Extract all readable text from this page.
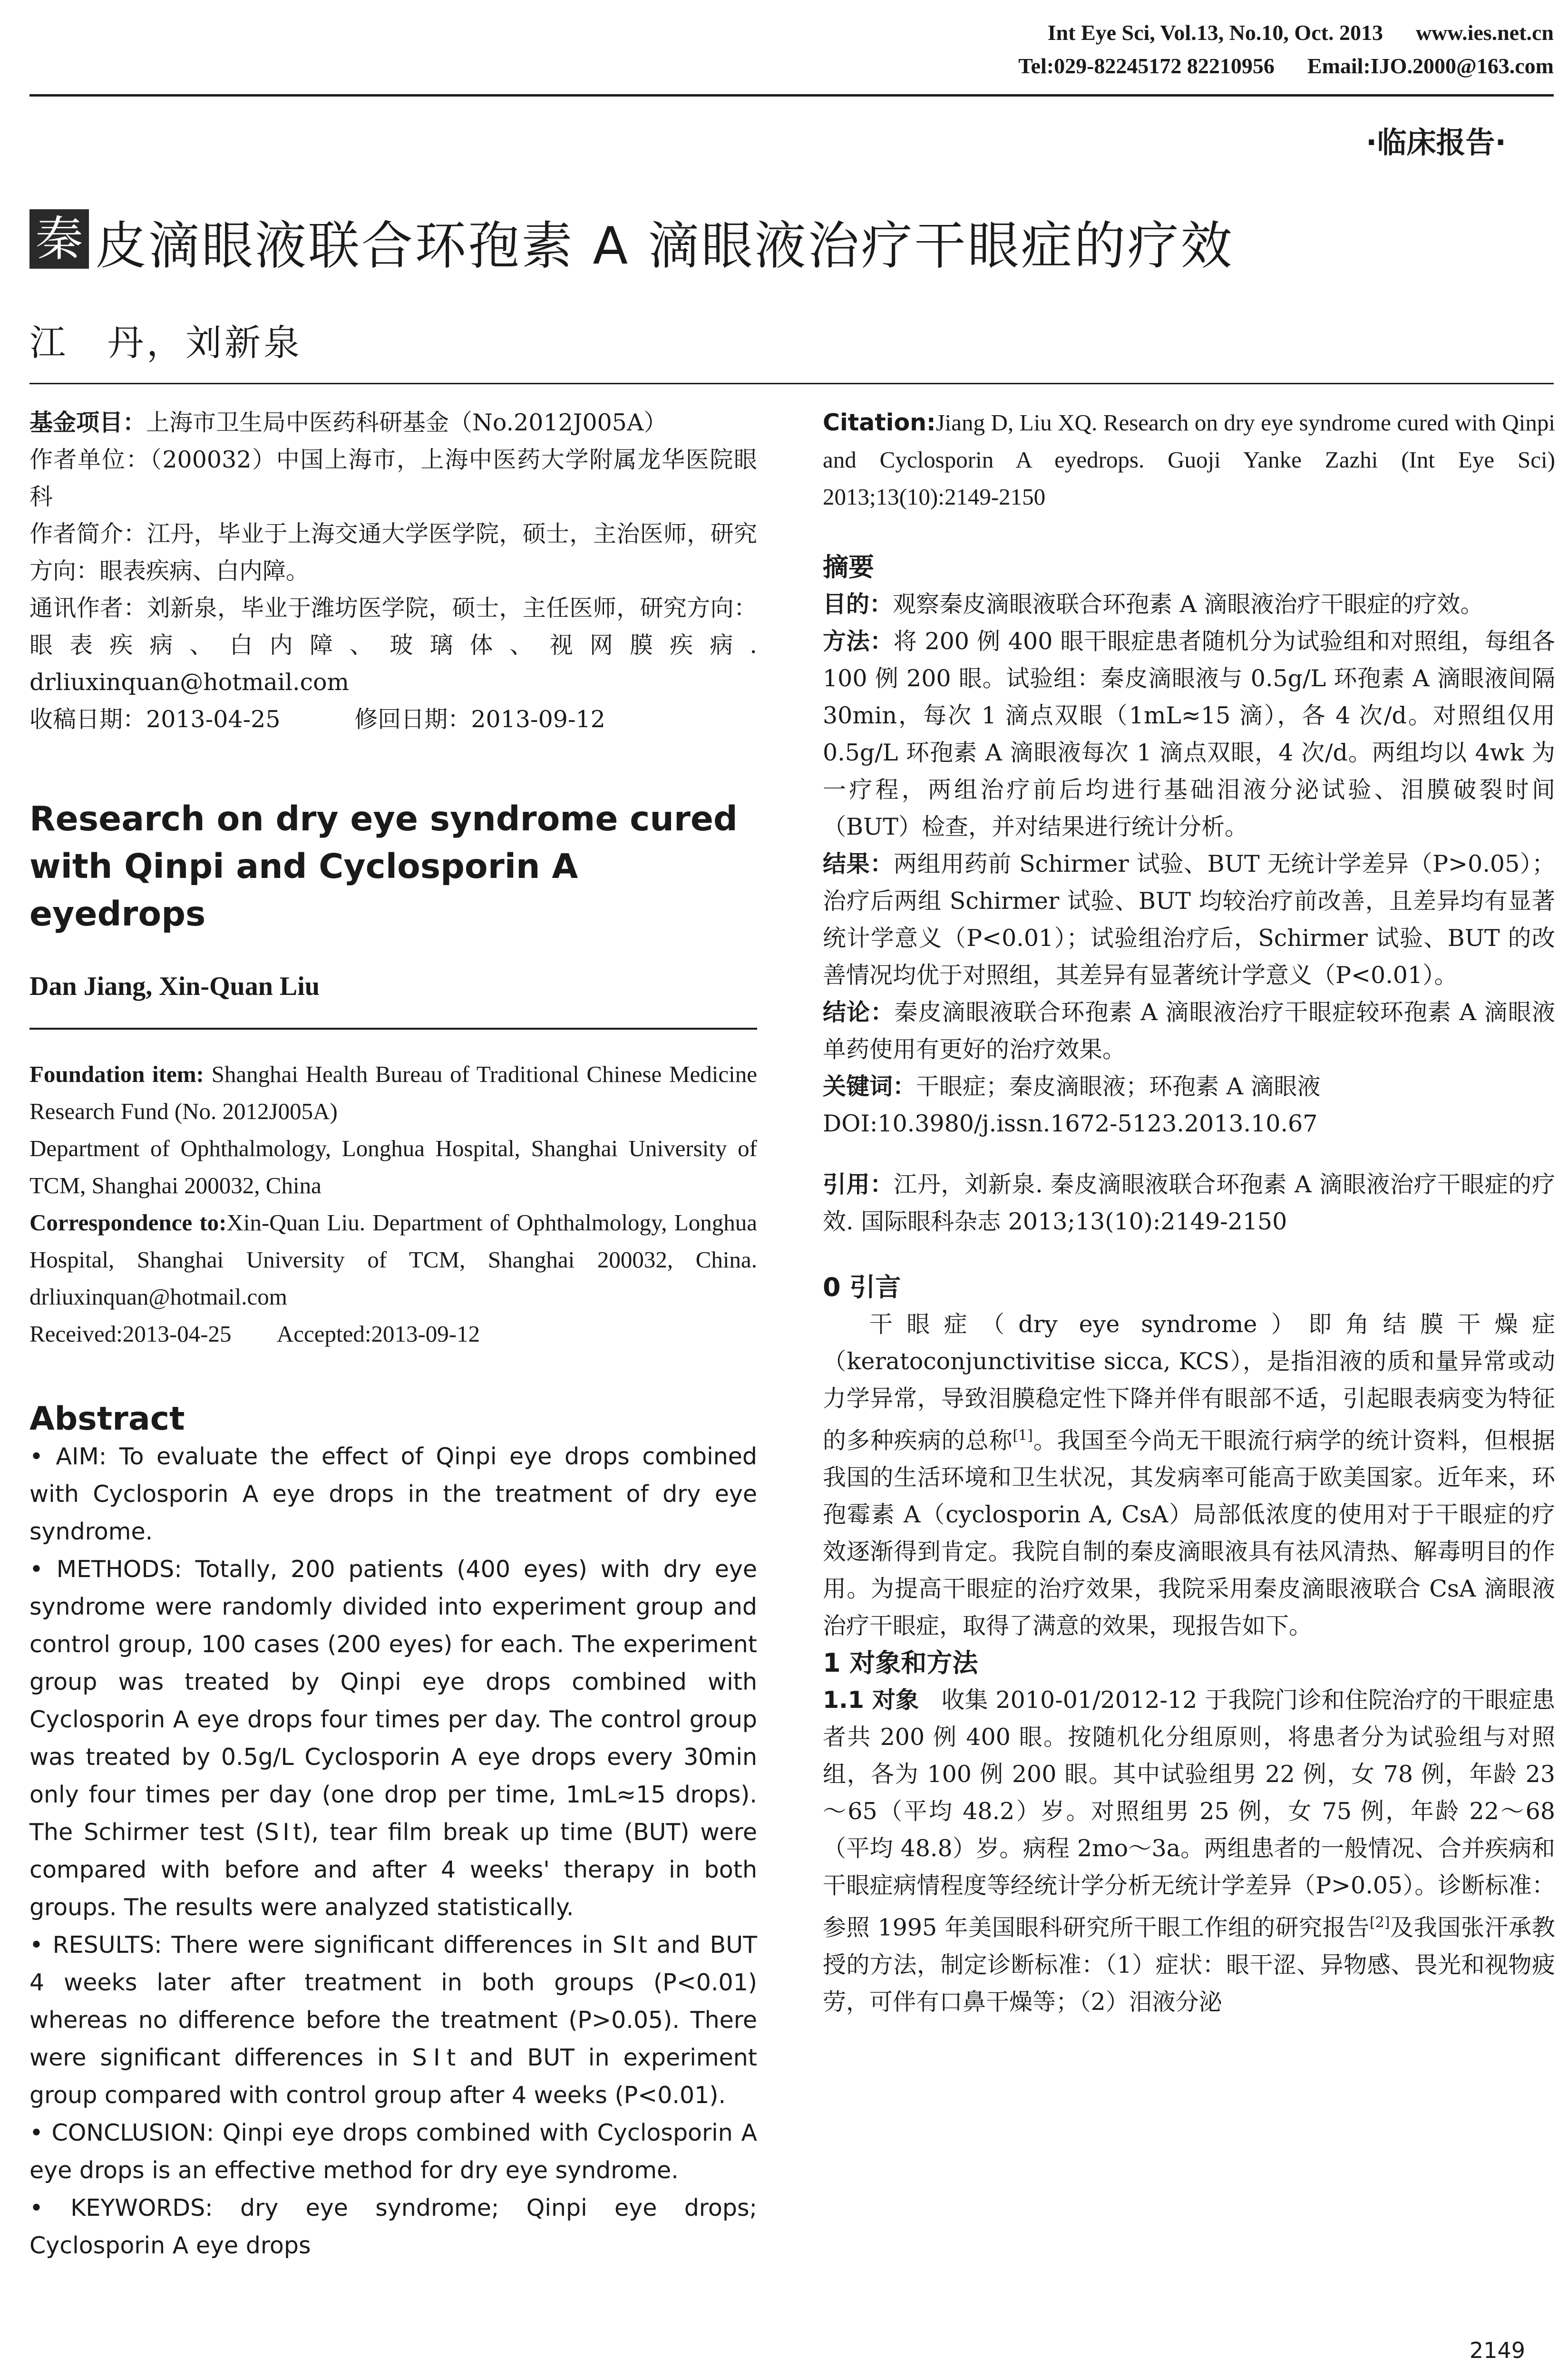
Int Eye Sci, Vol.13, No.10, Oct. 2013 www.ies.net.cn
Tel:029-82245172 82210956 Email:IJO.2000@163.com
·临床报告·
秦 皮滴眼液联合环孢素 A 滴眼液治疗干眼症的疗效
江　丹，刘新泉

基金项目：上海市卫生局中医药科研基金（No.2012J005A）

作者单位：（200032）中国上海市，上海中医药大学附属龙华医院眼科

作者简介：江丹，毕业于上海交通大学医学院，硕士，主治医师，研究方向：眼表疾病、白内障。

通讯作者：刘新泉，毕业于潍坊医学院，硕士，主任医师，研究方向：眼表疾病、白内障、玻璃体、视网膜疾病. drliuxinquan@hotmail.com

收稿日期：2013-04-25	修回日期：2013-09-12

Research on dry eye syndrome cured with Qinpi and Cyclosporin A eyedrops

Dan Jiang, Xin-Quan Liu

Foundation item: Shanghai Health Bureau of Traditional Chinese Medicine Research Fund (No. 2012J005A)

Department of Ophthalmology, Longhua Hospital, Shanghai University of TCM, Shanghai 200032, China

Correspondence to:Xin-Quan Liu. Department of Ophthalmology, Longhua Hospital, Shanghai University of TCM, Shanghai 200032, China. drliuxinquan@hotmail.com

Received:2013-04-25 Accepted:2013-09-12

Abstract

• AIM: To evaluate the effect of Qinpi eye drops combined with Cyclosporin A eye drops in the treatment of dry eye syndrome.

• METHODS: Totally, 200 patients (400 eyes) with dry eye syndrome were randomly divided into experiment group and control group, 100 cases (200 eyes) for each. The experiment group was treated by Qinpi eye drops combined with Cyclosporin A eye drops four times per day. The control group was treated by 0.5g/L Cyclosporin A eye drops every 30min only four times per day (one drop per time, 1mL≈15 drops). The Schirmer test (SⅠt), tear film break up time (BUT) were compared with before and after 4 weeks' therapy in both groups. The results were analyzed statistically.

• RESULTS: There were significant differences in SⅠt and BUT 4 weeks later after treatment in both groups (P<0.01) whereas no difference before the treatment (P>0.05). There were significant differences in SⅠt and BUT in experiment group compared with control group after 4 weeks (P<0.01).

• CONCLUSION: Qinpi eye drops combined with Cyclosporin A eye drops is an effective method for dry eye syndrome.

• KEYWORDS: dry eye syndrome; Qinpi eye drops; Cyclosporin A eye drops

Citation:Jiang D, Liu XQ. Research on dry eye syndrome cured with Qinpi and Cyclosporin A eyedrops. Guoji Yanke Zazhi (Int Eye Sci) 2013;13(10):2149-2150

摘要

目的：观察秦皮滴眼液联合环孢素 A 滴眼液治疗干眼症的疗效。

方法：将 200 例 400 眼干眼症患者随机分为试验组和对照组，每组各 100 例 200 眼。试验组：秦皮滴眼液与 0.5g/L 环孢素 A 滴眼液间隔 30min，每次 1 滴点双眼（1mL≈15 滴），各 4 次/d。对照组仅用 0.5g/L 环孢素 A 滴眼液每次 1 滴点双眼，4 次/d。两组均以 4wk 为一疗程，两组治疗前后均进行基础泪液分泌试验、泪膜破裂时间（BUT）检查，并对结果进行统计分析。

结果：两组用药前 Schirmer 试验、BUT 无统计学差异（P>0.05）；治疗后两组 Schirmer 试验、BUT 均较治疗前改善，且差异均有显著统计学意义（P<0.01）；试验组治疗后，Schirmer 试验、BUT 的改善情况均优于对照组，其差异有显著统计学意义（P<0.01）。

结论：秦皮滴眼液联合环孢素 A 滴眼液治疗干眼症较环孢素 A 滴眼液单药使用有更好的治疗效果。

关键词：干眼症；秦皮滴眼液；环孢素 A 滴眼液

DOI:10.3980/j.issn.1672-5123.2013.10.67

引用：江丹，刘新泉. 秦皮滴眼液联合环孢素 A 滴眼液治疗干眼症的疗效. 国际眼科杂志 2013;13(10):2149-2150

0 引言

干眼症（dry eye syndrome）即角结膜干燥症（keratoconjunctivitise sicca, KCS），是指泪液的质和量异常或动力学异常，导致泪膜稳定性下降并伴有眼部不适，引起眼表病变为特征的多种疾病的总称[1]。我国至今尚无干眼流行病学的统计资料，但根据我国的生活环境和卫生状况，其发病率可能高于欧美国家。近年来，环孢霉素 A（cyclosporin A, CsA）局部低浓度的使用对于干眼症的疗效逐渐得到肯定。我院自制的秦皮滴眼液具有祛风清热、解毒明目的作用。为提高干眼症的治疗效果，我院采用秦皮滴眼液联合 CsA 滴眼液治疗干眼症，取得了满意的效果，现报告如下。

1 对象和方法

1.1 对象 收集 2010-01/2012-12 于我院门诊和住院治疗的干眼症患者共 200 例 400 眼。按随机化分组原则，将患者分为试验组与对照组，各为 100 例 200 眼。其中试验组男 22 例，女 78 例，年龄 23～65（平均 48.2）岁。对照组男 25 例，女 75 例，年龄 22～68（平均 48.8）岁。病程 2mo～3a。两组患者的一般情况、合并疾病和干眼症病情程度等经统计学分析无统计学差异（P>0.05）。诊断标准：参照 1995 年美国眼科研究所干眼工作组的研究报告[2]及我国张汗承教授的方法，制定诊断标准：（1）症状：眼干涩、异物感、畏光和视物疲劳，可伴有口鼻干燥等；（2）泪液分泌

2149
